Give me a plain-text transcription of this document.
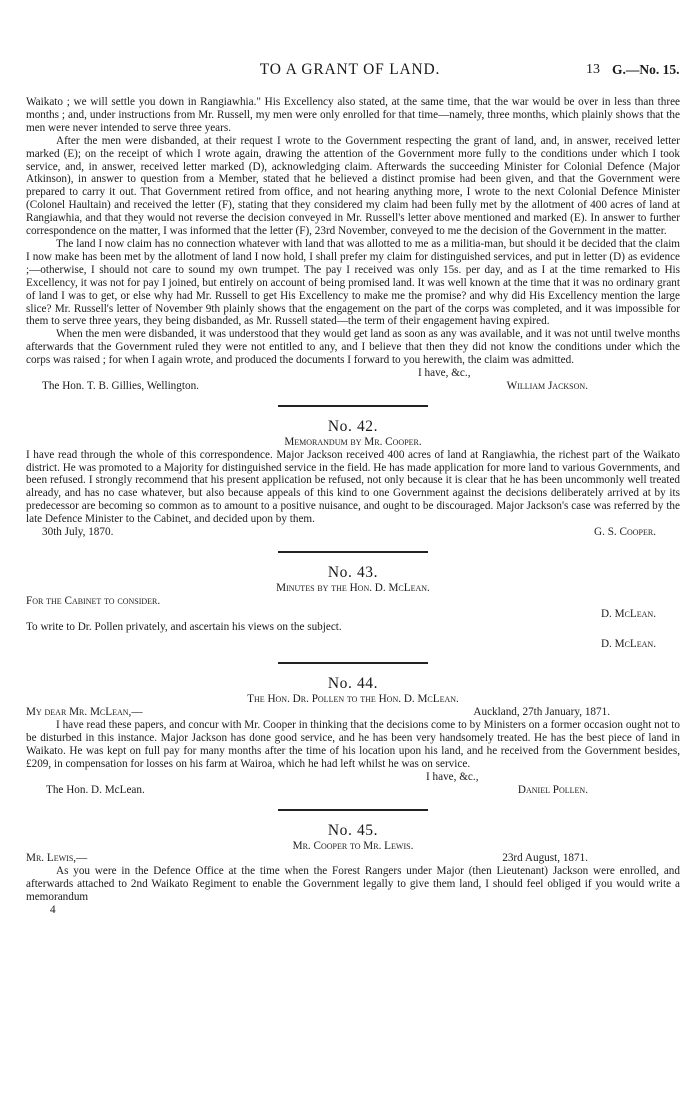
TO A GRANT OF LAND.	13 G.—No. 15.

Waikato ; we will settle you down in Rangiawhia." His Excellency also stated, at the same time, that the war would be over in less than three months ; and, under instructions from Mr. Russell, my men were only enrolled for that time—namely, three months, which plainly shows that the men were never intended to serve three years.

After the men were disbanded, at their request I wrote to the Government respecting the grant of land, and, in answer, received letter marked (E); on the receipt of which I wrote again, drawing the attention of the Government more fully to the conditions under which I took service, and, in answer, received letter marked (D), acknowledging claim. Afterwards the succeeding Minister for Colonial Defence (Major Atkinson), in answer to question from a Member, stated that he believed a distinct promise had been given, and that the Government were prepared to carry it out. That Government retired from office, and not hearing anything more, I wrote to the next Colonial Defence Minister (Colonel Haultain) and received the letter (F), stating that they considered my claim had been fully met by the allotment of 400 acres of land at Rangiawhia, and that they would not reverse the decision conveyed in Mr. Russell's letter above mentioned and marked (E). In answer to further correspondence on the matter, I was informed that the letter (F), 23rd November, conveyed to me the decision of the Government in the matter.

The land I now claim has no connection whatever with land that was allotted to me as a militia-man, but should it be decided that the claim I now make has been met by the allotment of land I now hold, I shall prefer my claim for distinguished services, and put in letter (D) as evidence ;—otherwise, I should not care to sound my own trumpet. The pay I received was only 15s. per day, and as I at the time remarked to His Excellency, it was not for pay I joined, but entirely on account of being promised land. It was well known at the time that it was no ordinary grant of land I was to get, or else why had Mr. Russell to get His Excellency to make me the promise? and why did His Excellency mention the large slice? Mr. Russell's letter of November 9th plainly shows that the engagement on the part of the corps was completed, and it was impossible for them to serve three years, they being disbanded, as Mr. Russell stated—the term of their engagement having expired.

When the men were disbanded, it was understood that they would get land as soon as any was available, and it was not until twelve months afterwards that the Government ruled they were not entitled to any, and I believe that then they did not know the conditions under which the corps was raised ; for when I again wrote, and produced the documents I forward to you herewith, the claim was admitted.

I have, &c.,
The Hon. T. B. Gillies, Wellington.	William Jackson.
No. 42.
Memorandum by Mr. Cooper.

I have read through the whole of this correspondence. Major Jackson received 400 acres of land at Rangiawhia, the richest part of the Waikato district. He was promoted to a Majority for distinguished service in the field. He has made application for more land to various Governments, and been refused. I strongly recommend that his present application be refused, not only because it is clear that he has been uncommonly well treated already, and has no case whatever, but also because appeals of this kind to one Government against the decisions deliberately arrived at by its predecessor are becoming so common as to amount to a positive nuisance, and ought to be discouraged. Major Jackson's case was referred by the late Defence Minister to the Cabinet, and decided upon by them.

30th July, 1870.	G. S. Cooper.
No. 43.
Minutes by the Hon. D. McLean.
For the Cabinet to consider.
D. McLean.
To write to Dr. Pollen privately, and ascertain his views on the subject.
D. McLean.
No. 44.
The Hon. Dr. Pollen to the Hon. D. McLean.
My dear Mr. McLean,—	Auckland, 27th January, 1871.

I have read these papers, and concur with Mr. Cooper in thinking that the decisions come to by Ministers on a former occasion ought not to be disturbed in this instance. Major Jackson has done good service, and he has been very handsomely treated. He has the best piece of land in Waikato. He was kept on full pay for many months after the time of his location upon his land, and he received from the Government besides, £209, in compensation for losses on his farm at Wairoa, which he had left whilst he was on service.

I have, &c.,
The Hon. D. McLean.	Daniel Pollen.
No. 45.
Mr. Cooper to Mr. Lewis.
Mr. Lewis,—	23rd August, 1871.

As you were in the Defence Office at the time when the Forest Rangers under Major (then Lieutenant) Jackson were enrolled, and afterwards attached to 2nd Waikato Regiment to enable the Government legally to give them land, I should feel obliged if you would write a memorandum

4
